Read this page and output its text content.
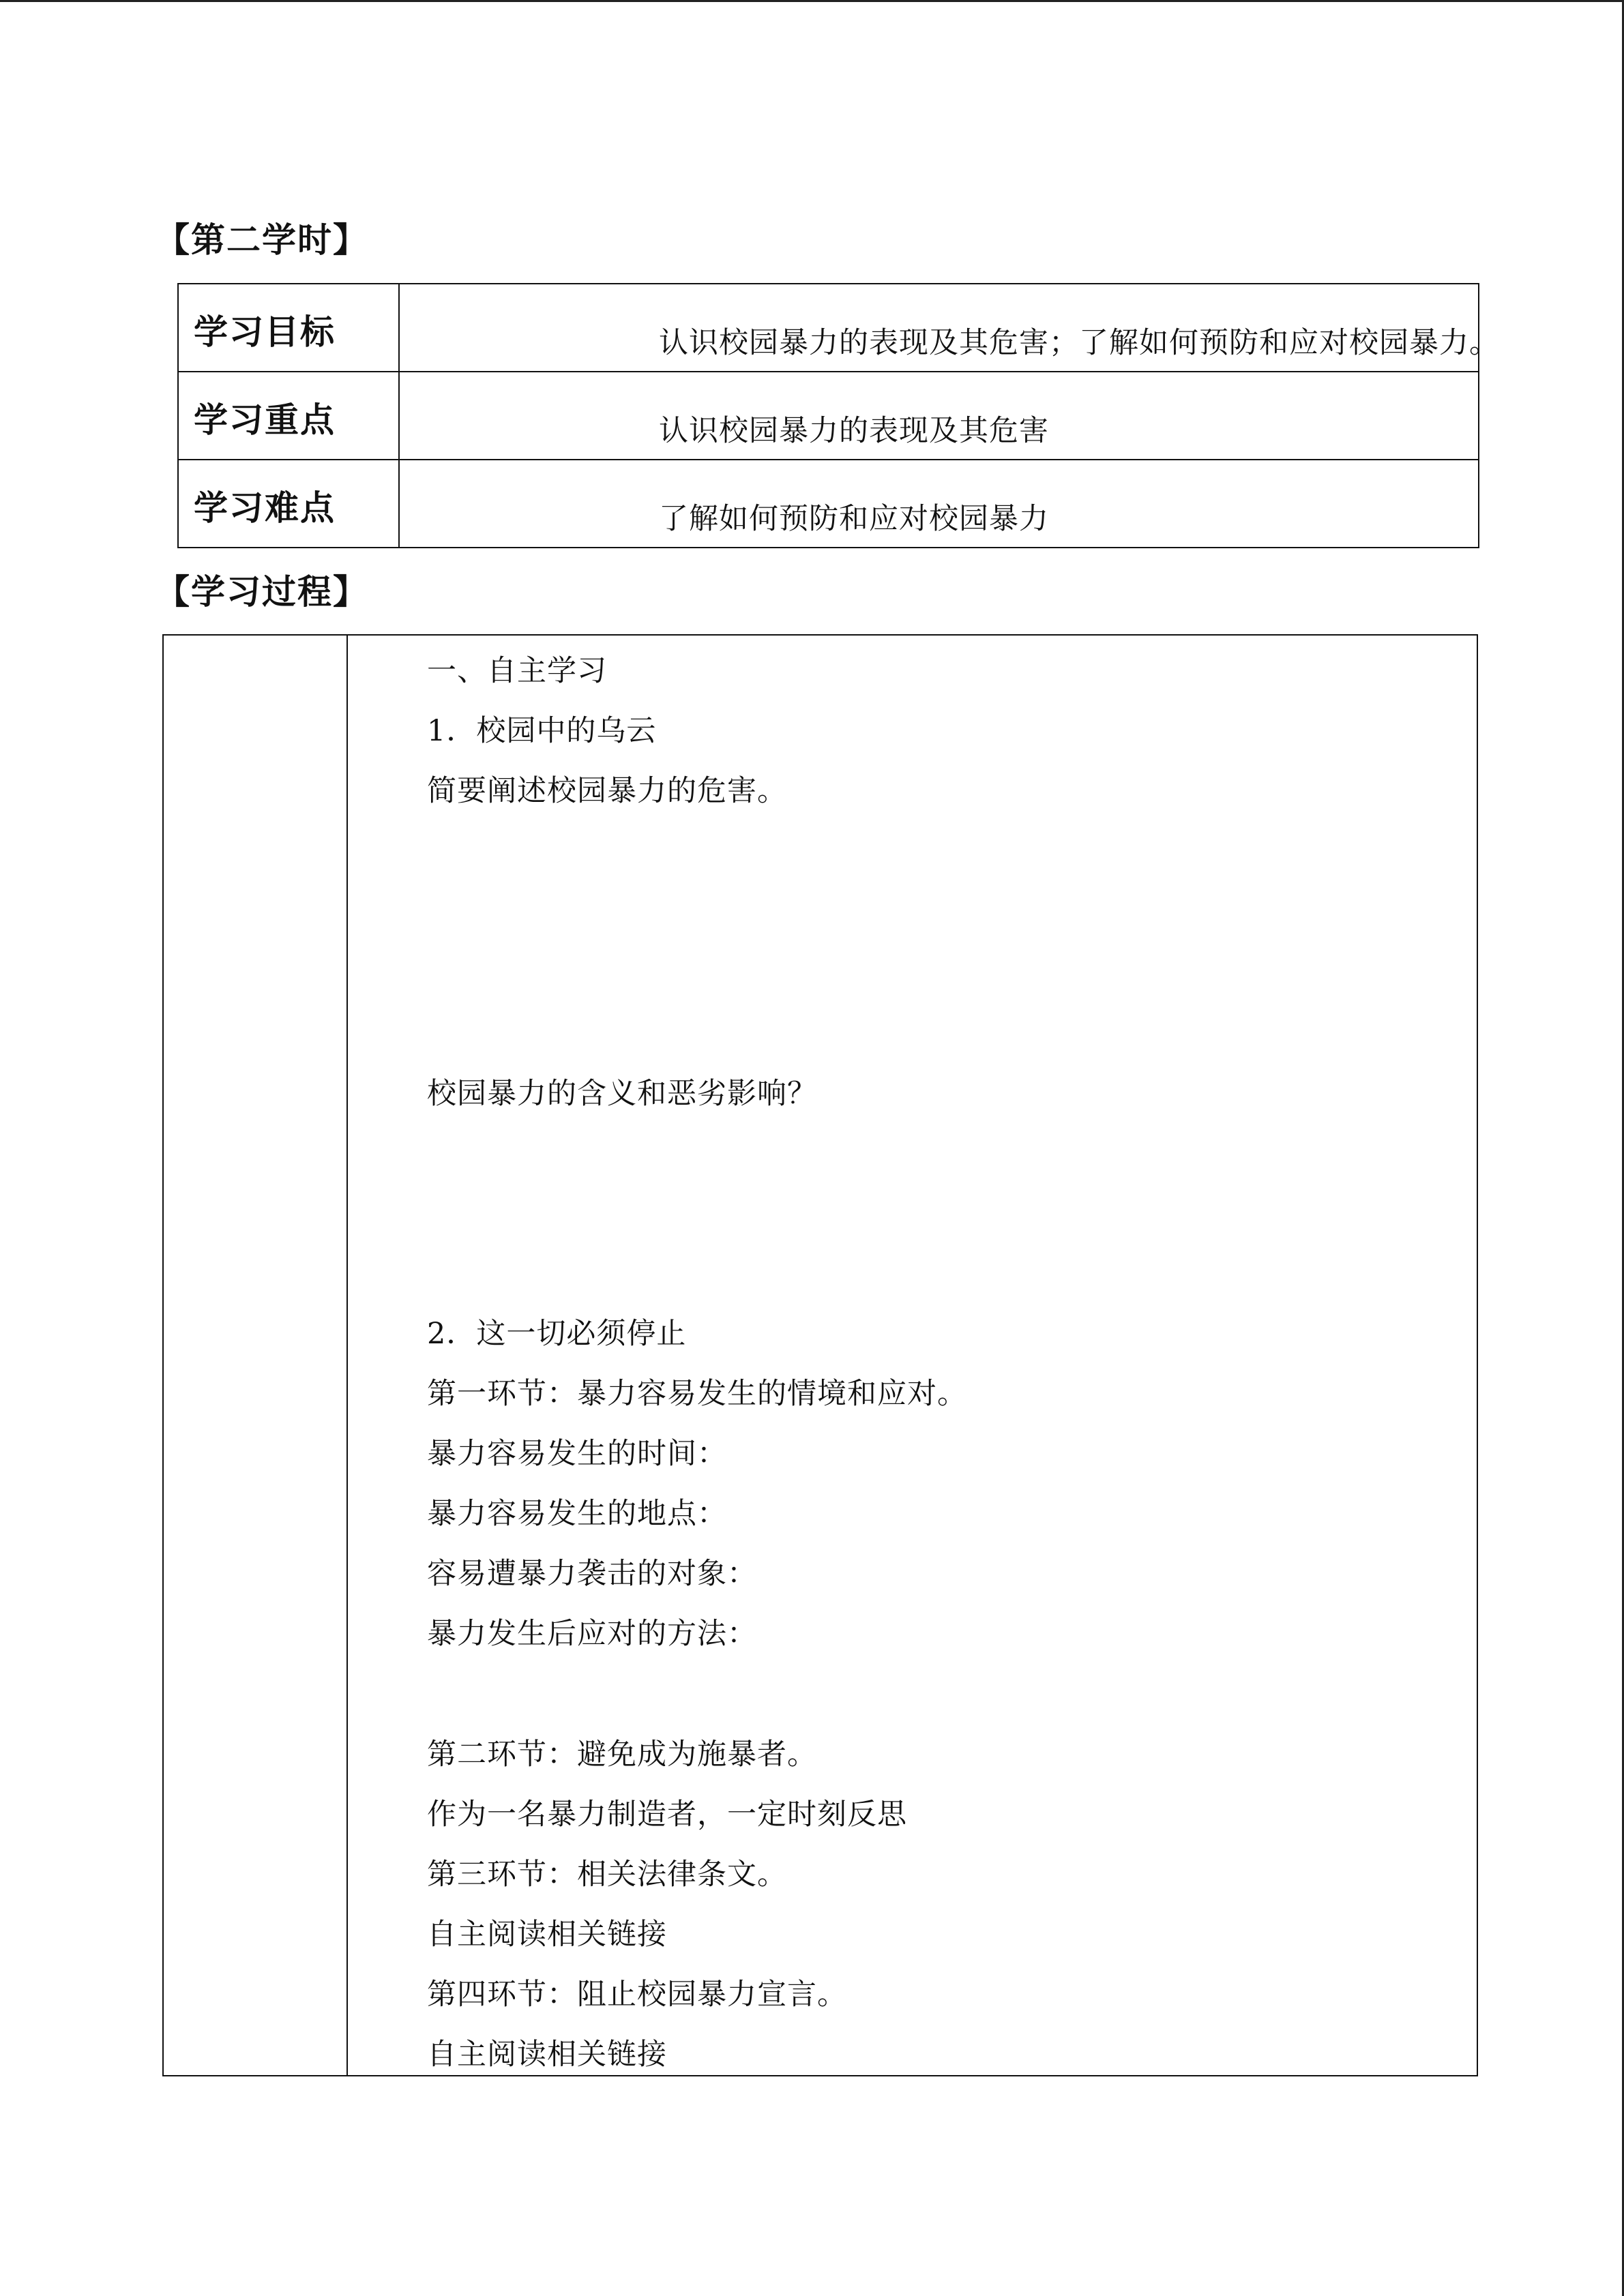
【第二学时】
学习目标	认识校园暴力的表现及其危害；了解如何预防和应对校园暴力。
学习重点	认识校园暴力的表现及其危害
学习难点	了解如何预防和应对校园暴力
【学习过程】
一、自主学习
1．校园中的乌云
简要阐述校园暴力的危害。
校园暴力的含义和恶劣影响？
2．这一切必须停止
第一环节：暴力容易发生的情境和应对。
暴力容易发生的时间：
暴力容易发生的地点：
容易遭暴力袭击的对象：
暴力发生后应对的方法：
第二环节：避免成为施暴者。
作为一名暴力制造者，一定时刻反思
第三环节：相关法律条文。
自主阅读相关链接
第四环节：阻止校园暴力宣言。
自主阅读相关链接
